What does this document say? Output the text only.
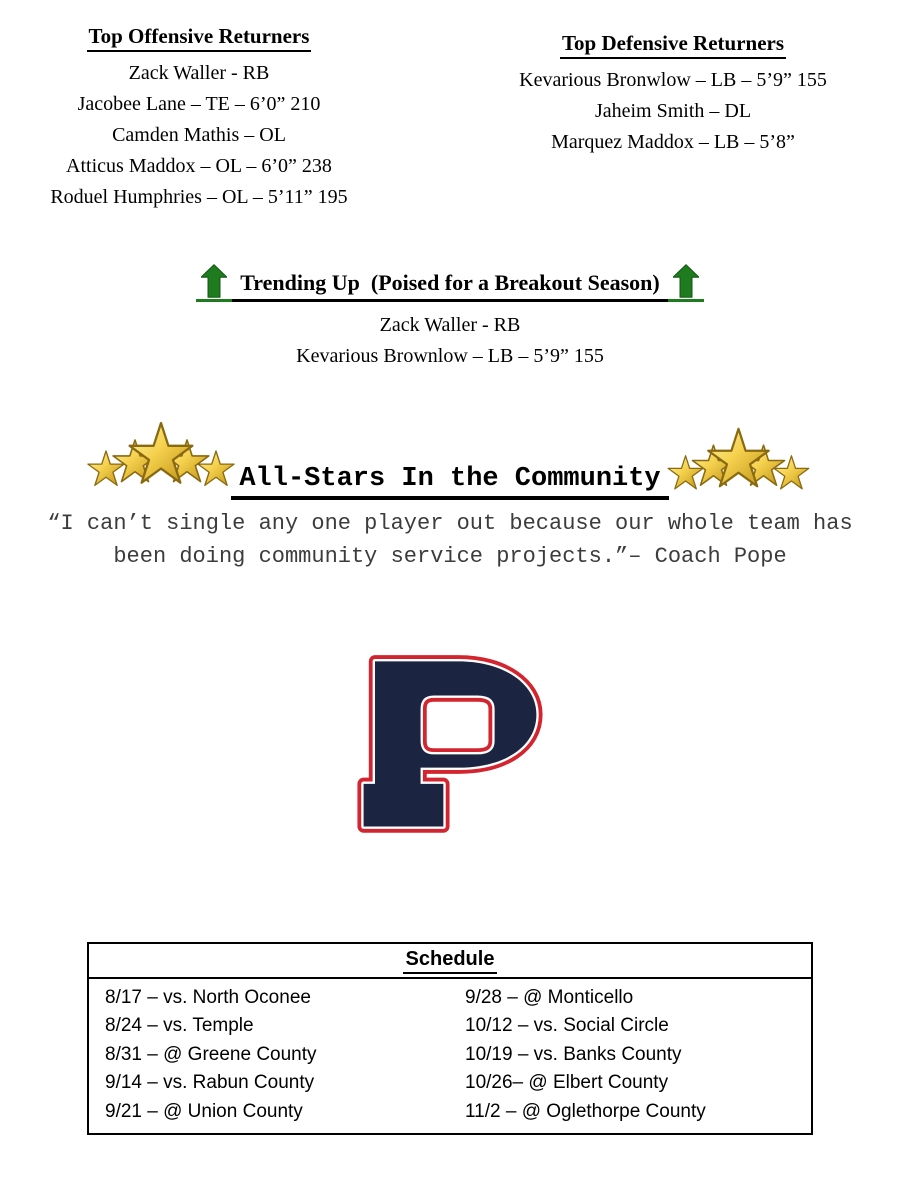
Top Offensive Returners
Zack Waller - RB
Jacobee Lane – TE – 6’0” 210
Camden Mathis – OL
Atticus Maddox – OL – 6’0” 238
Roduel Humphries – OL – 5’11” 195
Top Defensive Returners
Kevarious Bronwlow – LB – 5’9” 155
Jaheim Smith – DL
Marquez Maddox – LB – 5’8”
Trending Up  (Poised for a Breakout Season)
Zack Waller - RB
Kevarious Brownlow – LB – 5’9” 155
All-Stars In the Community
“I can’t single any one player out because our whole team has
been doing community service projects.”– Coach Pope
Schedule
8/17 – vs. North Oconee
8/24 – vs. Temple
8/31 – @ Greene County
9/14 – vs. Rabun County
9/21 – @ Union County
9/28 – @ Monticello
10/12 – vs. Social Circle
10/19 – vs. Banks County
10/26– @ Elbert County
11/2 – @ Oglethorpe County
